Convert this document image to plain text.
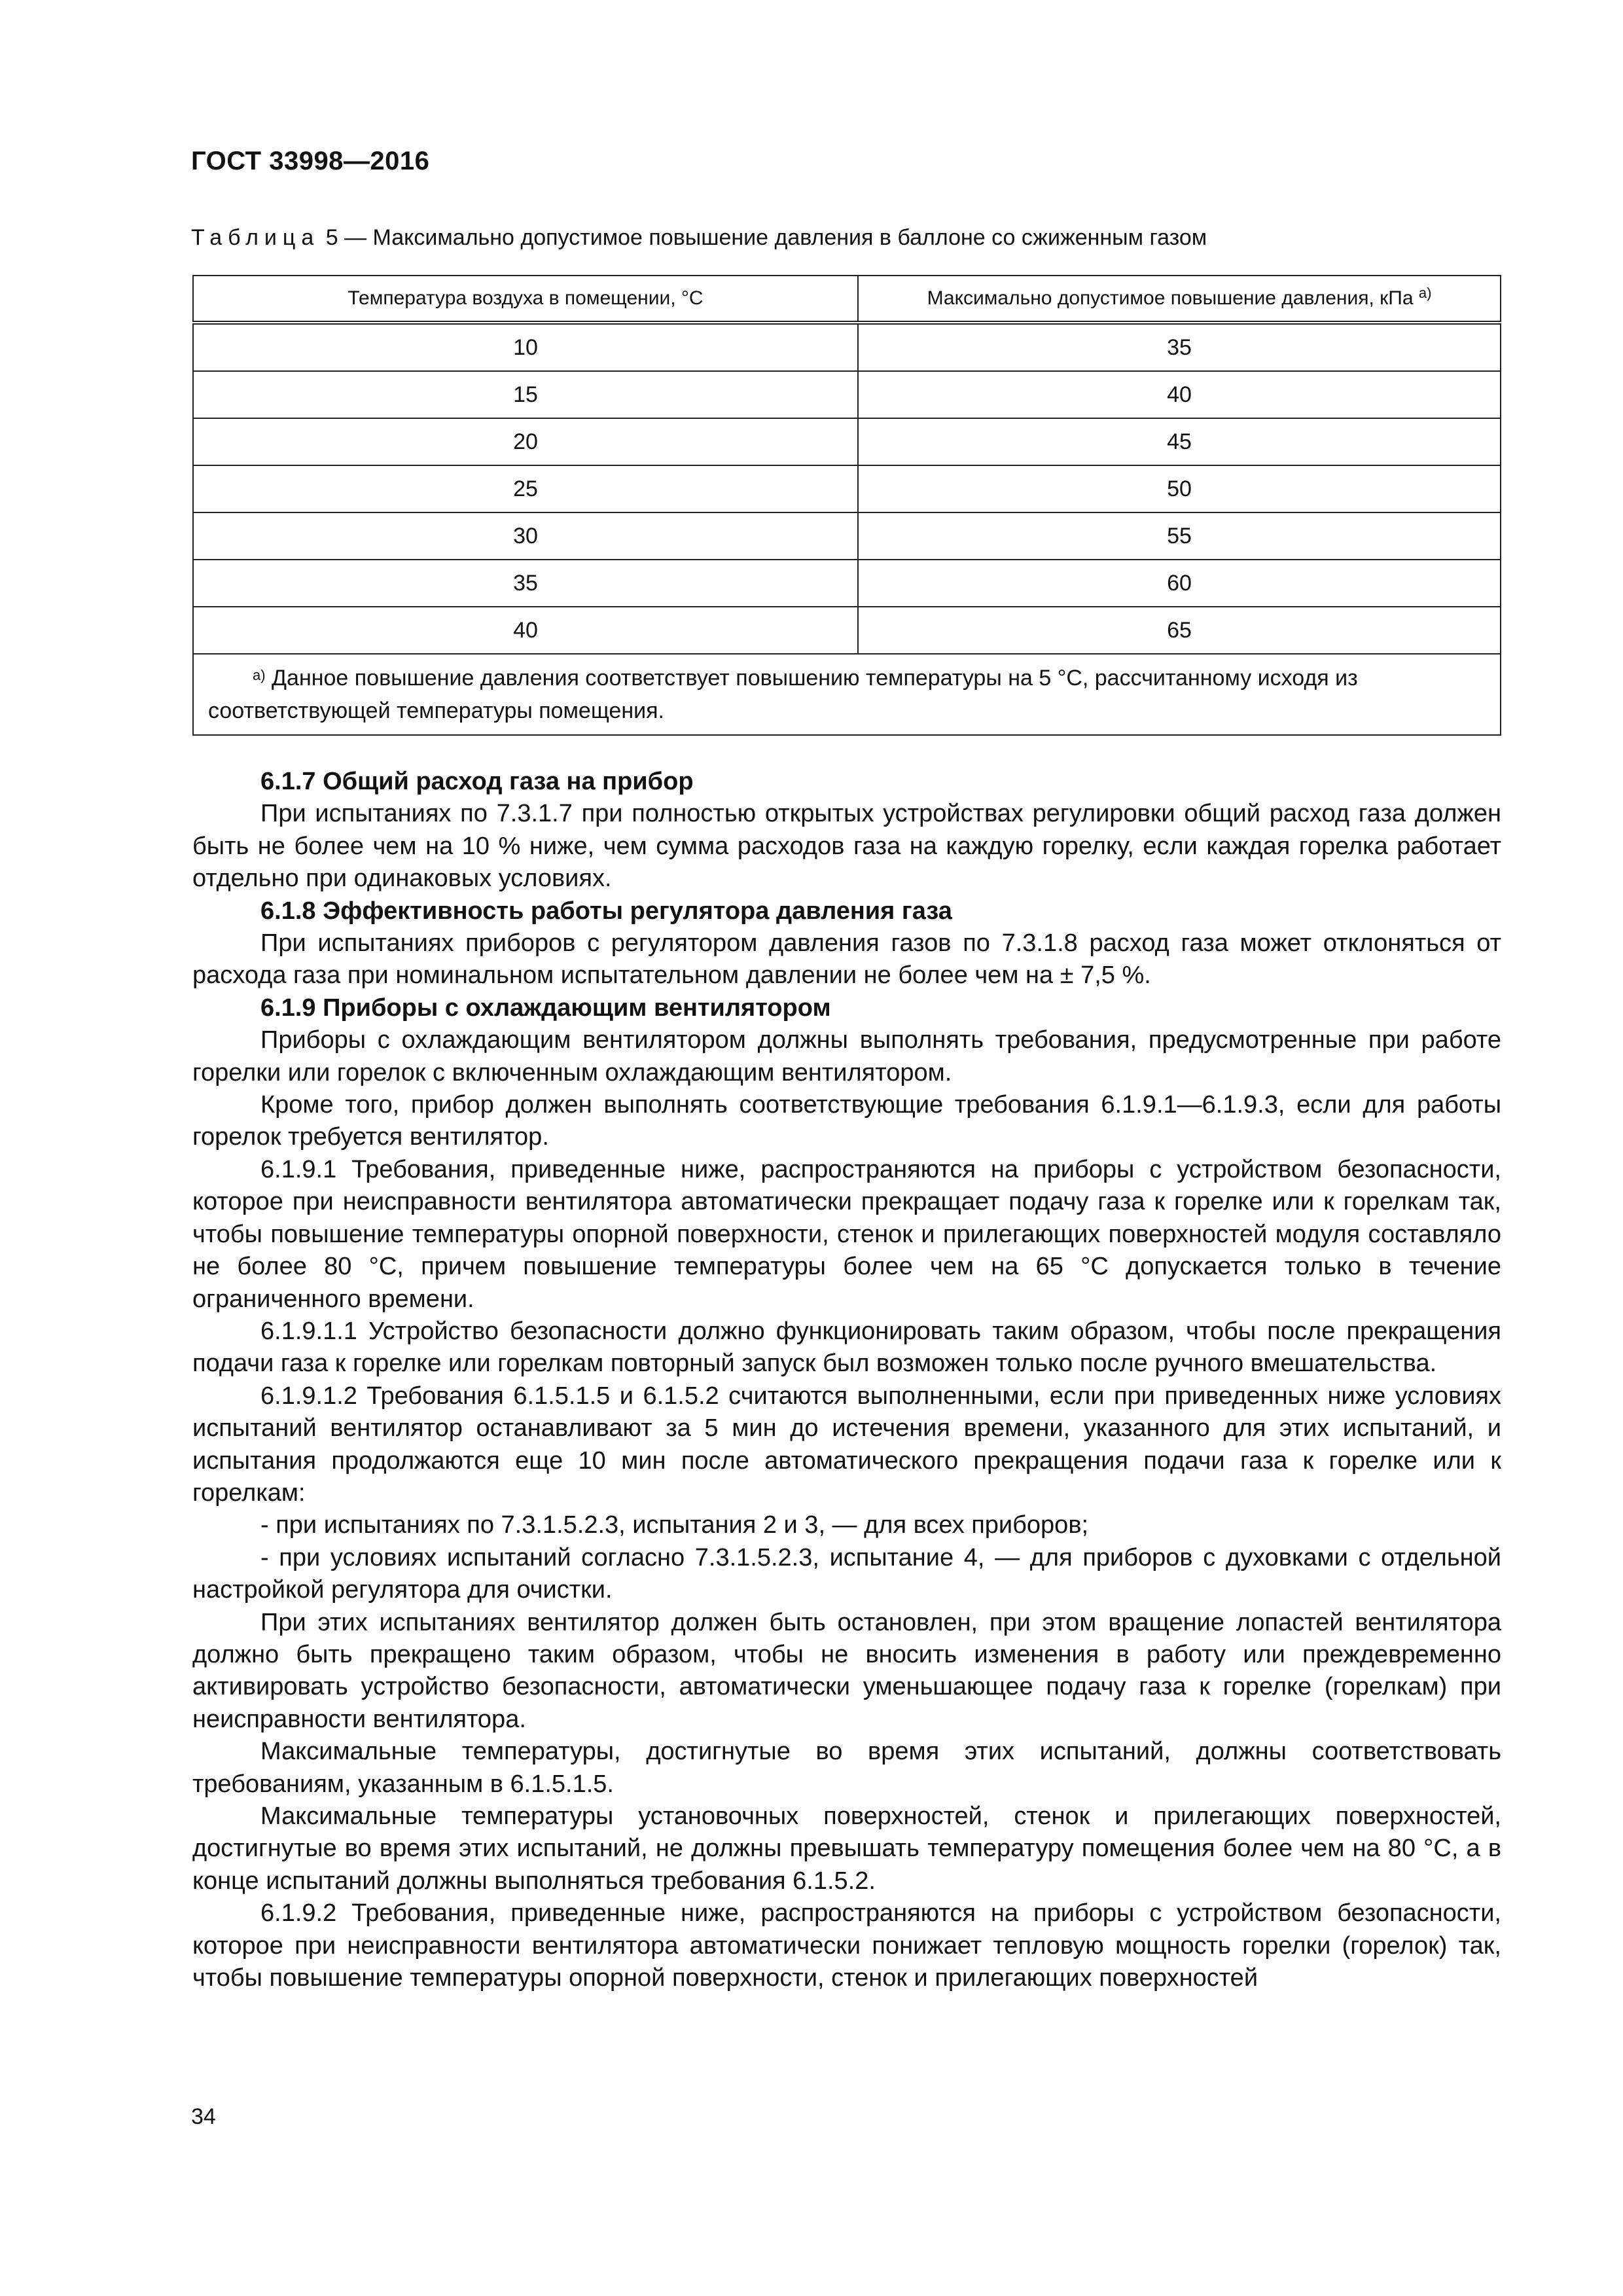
ГОСТ 33998—2016
Таблица 5 — Максимально допустимое повышение давления в баллоне со сжиженным газом
Температура воздуха в помещении, °С	Максимально допустимое повышение давления, кПа $^{a)}$
10	35
15	40
20	45
25	50
30	55
35	60
40	65
  $^{a)}$ Данное повышение давления соответствует повышению температуры на 5 °С, рассчитанному исходя из соответствующей температуры помещения.	
6.1.7 Общий расход газа на прибор

При испытаниях по 7.3.1.7 при полностью открытых устройствах регулировки общий расход газа должен быть не более чем на 10 % ниже, чем сумма расходов газа на каждую горелку, если каждая горелка работает отдельно при одинаковых условиях.

6.1.8 Эффективность работы регулятора давления газа

При испытаниях приборов с регулятором давления газов по 7.3.1.8 расход газа может отклоняться от расхода газа при номинальном испытательном давлении не более чем на ± 7,5 %.

6.1.9 Приборы с охлаждающим вентилятором

Приборы с охлаждающим вентилятором должны выполнять требования, предусмотренные при работе горелки или горелок с включенным охлаждающим вентилятором.

Кроме того, прибор должен выполнять соответствующие требования 6.1.9.1—6.1.9.3, если для работы горелок требуется вентилятор.

6.1.9.1 Требования, приведенные ниже, распространяются на приборы с устройством безопасности, которое при неисправности вентилятора автоматически прекращает подачу газа к горелке или к горелкам так, чтобы повышение температуры опорной поверхности, стенок и прилегающих поверхностей модуля составляло не более 80 °С, причем повышение температуры более чем на 65 °С допускается только в течение ограниченного времени.

6.1.9.1.1 Устройство безопасности должно функционировать таким образом, чтобы после прекращения подачи газа к горелке или горелкам повторный запуск был возможен только после ручного вмешательства.

6.1.9.1.2 Требования 6.1.5.1.5 и 6.1.5.2 считаются выполненными, если при приведенных ниже условиях испытаний вентилятор останавливают за 5 мин до истечения времени, указанного для этих испытаний, и испытания продолжаются еще 10 мин после автоматического прекращения подачи газа к горелке или к горелкам:

- при испытаниях по 7.3.1.5.2.3, испытания 2 и 3, — для всех приборов;

- при условиях испытаний согласно 7.3.1.5.2.3, испытание 4, — для приборов с духовками с отдельной настройкой регулятора для очистки.

При этих испытаниях вентилятор должен быть остановлен, при этом вращение лопастей вентилятора должно быть прекращено таким образом, чтобы не вносить изменения в работу или преждевременно активировать устройство безопасности, автоматически уменьшающее подачу газа к горелке (горелкам) при неисправности вентилятора.

Максимальные температуры, достигнутые во время этих испытаний, должны соответствовать требованиям, указанным в 6.1.5.1.5.

Максимальные температуры установочных поверхностей, стенок и прилегающих поверхностей, достигнутые во время этих испытаний, не должны превышать температуру помещения более чем на 80 °С, а в конце испытаний должны выполняться требования 6.1.5.2.

6.1.9.2 Требования, приведенные ниже, распространяются на приборы с устройством безопасности, которое при неисправности вентилятора автоматически понижает тепловую мощность горелки (горелок) так, чтобы повышение температуры опорной поверхности, стенок и прилегающих поверхностей

34
